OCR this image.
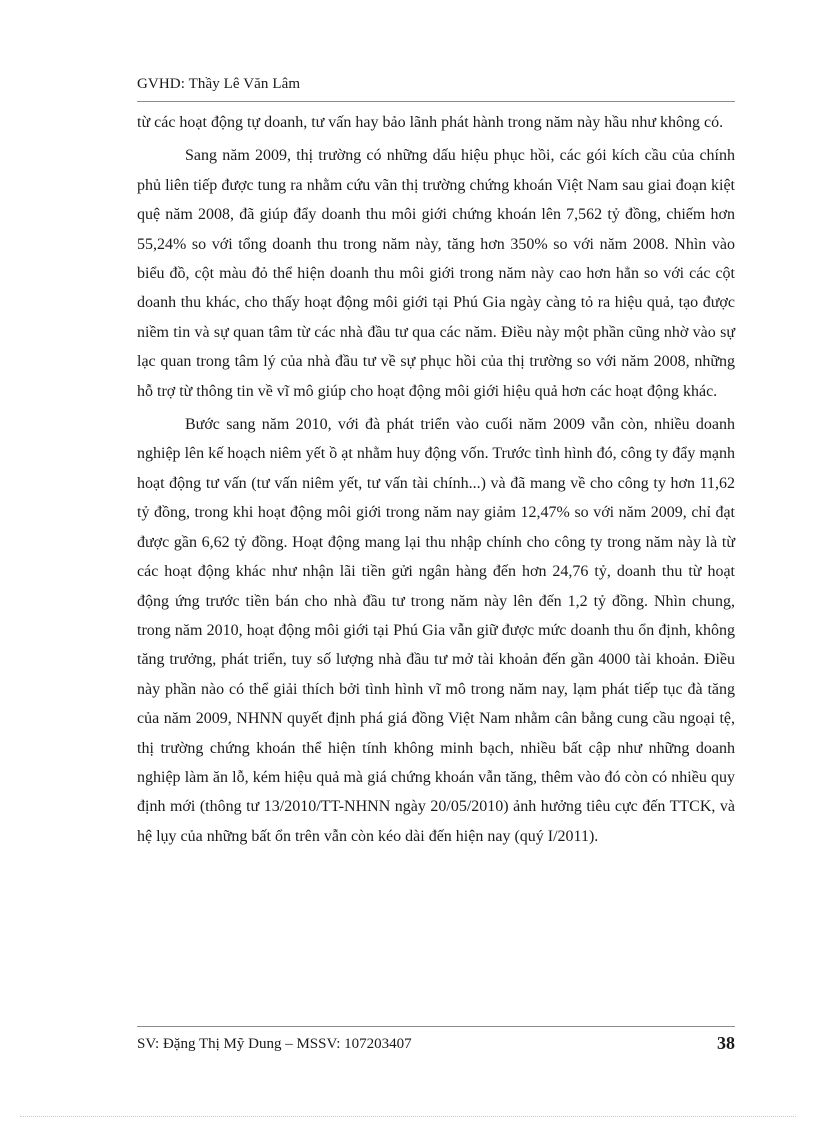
GVHD: Thầy Lê Văn Lâm

từ các hoạt động tự doanh, tư vấn hay bảo lãnh phát hành trong năm này hầu như không có.

Sang năm 2009, thị trường có những dấu hiệu phục hồi, các gói kích cầu của chính phủ liên tiếp được tung ra nhằm cứu vãn thị trường chứng khoán Việt Nam sau giai đoạn kiệt quệ năm 2008, đã giúp đẩy doanh thu môi giới chứng khoán lên 7,562 tỷ đồng, chiếm hơn 55,24% so với tổng doanh thu trong năm này, tăng hơn 350% so với năm 2008. Nhìn vào biểu đồ, cột màu đỏ thể hiện doanh thu môi giới trong năm này cao hơn hẳn so với các cột doanh thu khác, cho thấy hoạt động môi giới tại Phú Gia ngày càng tỏ ra hiệu quả, tạo được niềm tin và sự quan tâm từ các nhà đầu tư qua các năm. Điều này một phần cũng nhờ vào sự lạc quan trong tâm lý của nhà đầu tư về sự phục hồi của thị trường so với năm 2008, những hỗ trợ từ thông tin về vĩ mô giúp cho hoạt động môi giới hiệu quả hơn các hoạt động khác.

Bước sang năm 2010, với đà phát triển vào cuối năm 2009 vẫn còn, nhiều doanh nghiệp lên kế hoạch niêm yết ồ ạt nhằm huy động vốn. Trước tình hình đó, công ty đẩy mạnh hoạt động tư vấn (tư vấn niêm yết, tư vấn tài chính...) và đã mang về cho công ty hơn 11,62 tỷ đồng, trong khi hoạt động môi giới trong năm nay giảm 12,47% so với năm 2009, chỉ đạt được gần 6,62 tỷ đồng. Hoạt động mang lại thu nhập chính cho công ty trong năm này là từ các hoạt động khác như nhận lãi tiền gửi ngân hàng đến hơn 24,76 tỷ, doanh thu từ hoạt động ứng trước tiền bán cho nhà đầu tư trong năm này lên đến 1,2 tỷ đồng. Nhìn chung, trong năm 2010, hoạt động môi giới tại Phú Gia vẫn giữ được mức doanh thu ổn định, không tăng trưởng, phát triển, tuy số lượng nhà đầu tư mở tài khoản đến gần 4000 tài khoản. Điều này phần nào có thể giải thích bởi tình hình vĩ mô trong năm nay, lạm phát tiếp tục đà tăng của năm 2009, NHNN quyết định phá giá đồng Việt Nam nhằm cân bằng cung cầu ngoại tệ, thị trường chứng khoán thể hiện tính không minh bạch, nhiều bất cập như những doanh nghiệp làm ăn lỗ, kém hiệu quả mà giá chứng khoán vẫn tăng, thêm vào đó còn có nhiều quy định mới (thông tư 13/2010/TT-NHNN ngày 20/05/2010) ảnh hưởng tiêu cực đến TTCK, và hệ lụy của những bất ổn trên vẫn còn kéo dài đến hiện nay (quý I/2011).

SV: Đặng Thị Mỹ Dung – MSSV: 107203407	38
